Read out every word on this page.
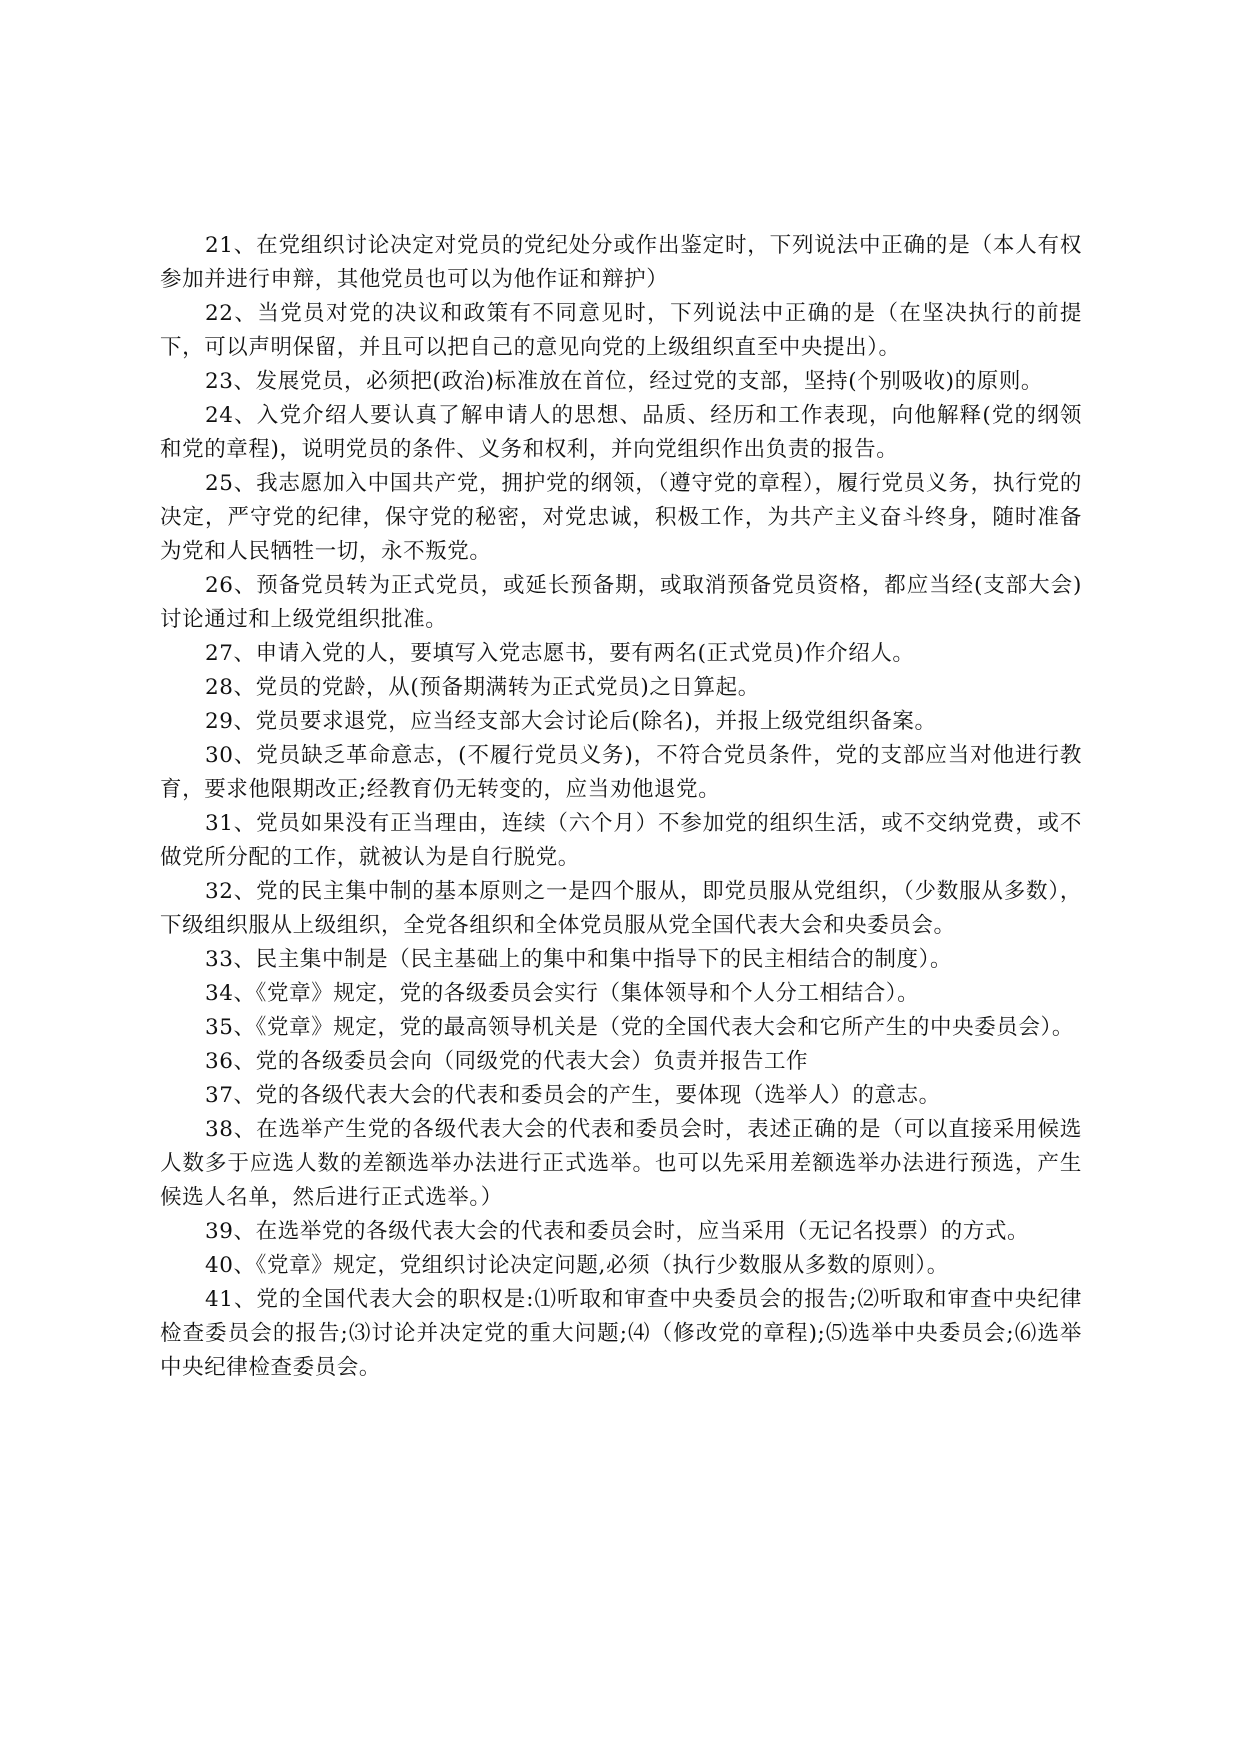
21、在党组织讨论决定对党员的党纪处分或作出鉴定时，下列说法中正确的是（本人有权参加并进行申辩，其他党员也可以为他作证和辩护）

22、当党员对党的决议和政策有不同意见时，下列说法中正确的是（在坚决执行的前提下，可以声明保留，并且可以把自己的意见向党的上级组织直至中央提出）。

23、发展党员，必须把(政治)标准放在首位，经过党的支部，坚持(个别吸收)的原则。

24、入党介绍人要认真了解申请人的思想、品质、经历和工作表现，向他解释(党的纲领和党的章程)，说明党员的条件、义务和权利，并向党组织作出负责的报告。

25、我志愿加入中国共产党，拥护党的纲领，（遵守党的章程），履行党员义务，执行党的决定，严守党的纪律，保守党的秘密，对党忠诚，积极工作，为共产主义奋斗终身，随时准备为党和人民牺牲一切，永不叛党。

26、预备党员转为正式党员，或延长预备期，或取消预备党员资格，都应当经(支部大会)讨论通过和上级党组织批准。

27、申请入党的人，要填写入党志愿书，要有两名(正式党员)作介绍人。

28、党员的党龄，从(预备期满转为正式党员)之日算起。

29、党员要求退党，应当经支部大会讨论后(除名)，并报上级党组织备案。

30、党员缺乏革命意志，(不履行党员义务)，不符合党员条件，党的支部应当对他进行教育，要求他限期改正;经教育仍无转变的，应当劝他退党。

31、党员如果没有正当理由，连续（六个月）不参加党的组织生活，或不交纳党费，或不做党所分配的工作，就被认为是自行脱党。

32、党的民主集中制的基本原则之一是四个服从，即党员服从党组织，（少数服从多数），下级组织服从上级组织，全党各组织和全体党员服从党全国代表大会和央委员会。

33、民主集中制是（民主基础上的集中和集中指导下的民主相结合的制度）。

34、《党章》规定，党的各级委员会实行（集体领导和个人分工相结合）。

35、《党章》规定，党的最高领导机关是（党的全国代表大会和它所产生的中央委员会）。

36、党的各级委员会向（同级党的代表大会）负责并报告工作

37、党的各级代表大会的代表和委员会的产生，要体现（选举人）的意志。

38、在选举产生党的各级代表大会的代表和委员会时，表述正确的是（可以直接采用候选人数多于应选人数的差额选举办法进行正式选举。也可以先采用差额选举办法进行预选，产生候选人名单，然后进行正式选举。）

39、在选举党的各级代表大会的代表和委员会时，应当采用（无记名投票）的方式。

40、《党章》规定，党组织讨论决定问题,必须（执行少数服从多数的原则）。

41、党的全国代表大会的职权是:⑴听取和审查中央委员会的报告;⑵听取和审查中央纪律检查委员会的报告;⑶讨论并决定党的重大问题;⑷（修改党的章程);⑸选举中央委员会;⑹选举中央纪律检查委员会。
